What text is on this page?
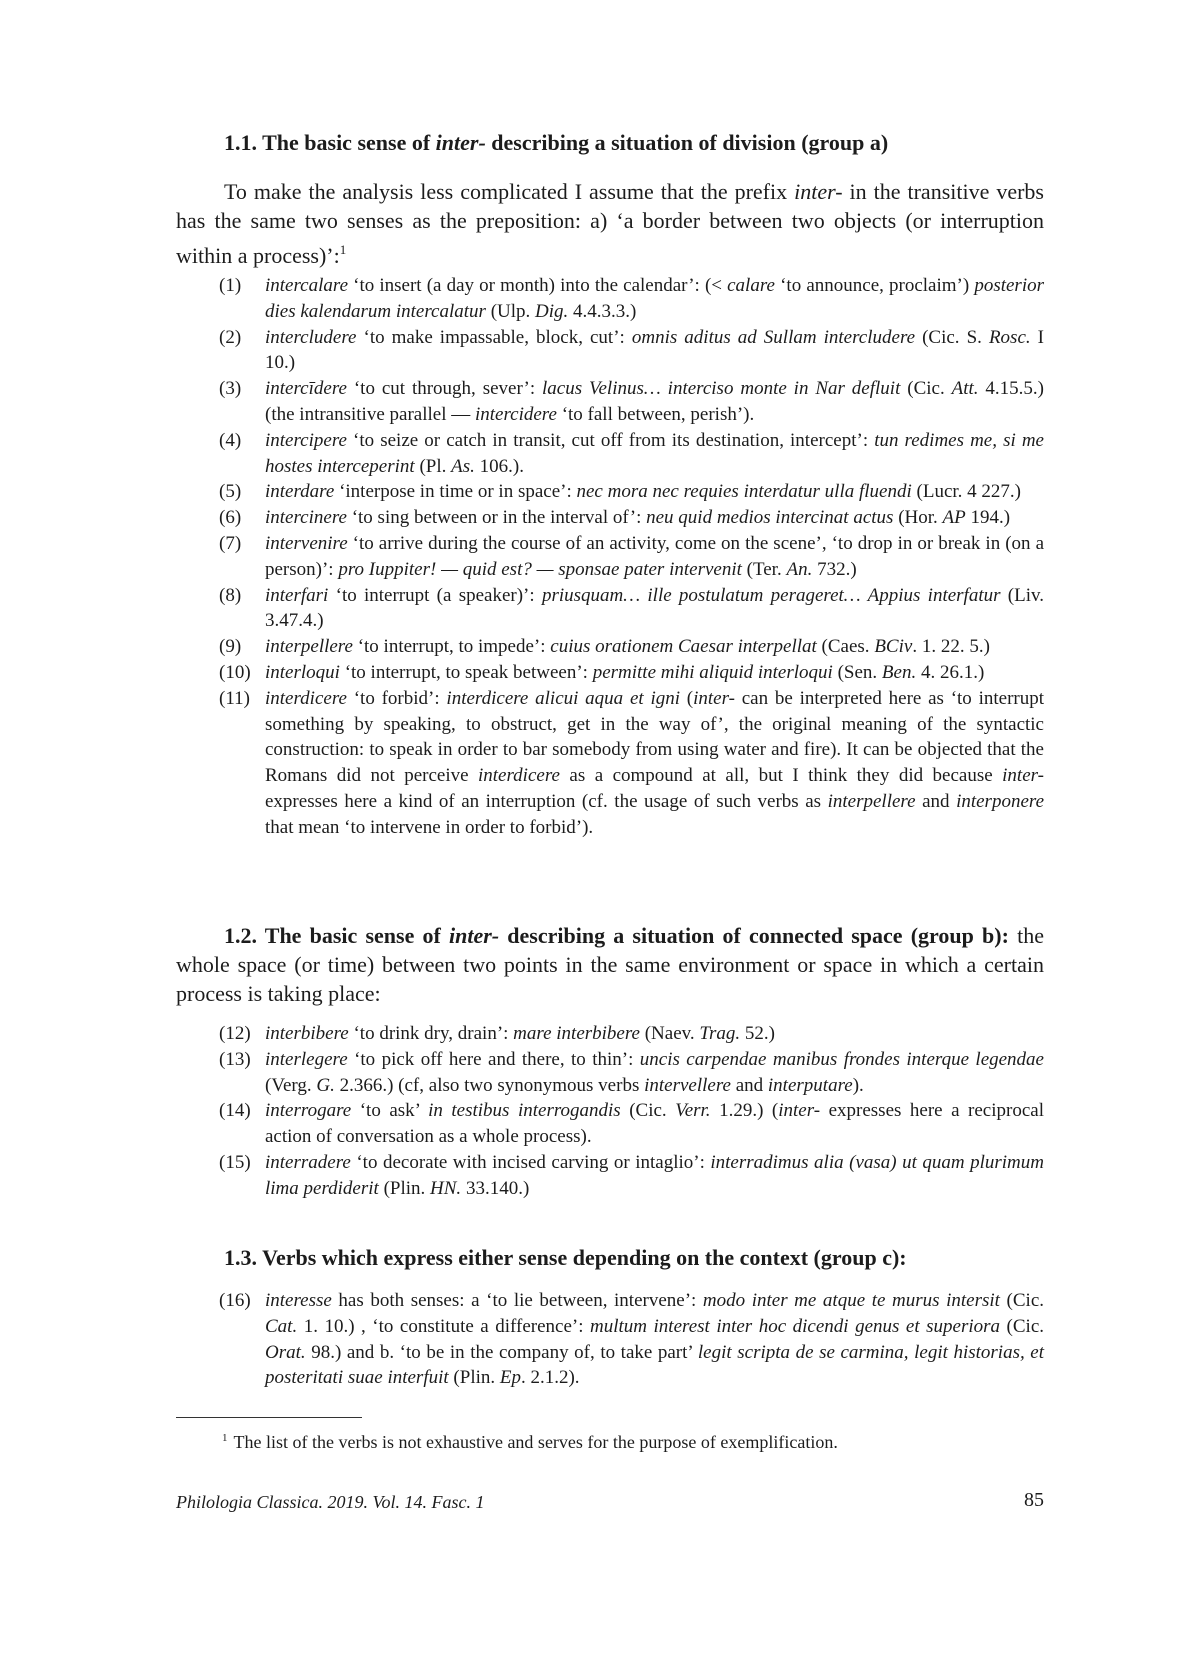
1.1. The basic sense of inter- describing a situation of division (group a)

To make the analysis less complicated I assume that the prefix inter- in the transitive verbs has the same two senses as the preposition: a) ‘a border between two objects (or interruption within a process)’:$^1$

(1) intercalare ‘to insert (a day or month) into the calendar’: (< calare ‘to announce, proclaim’) posterior dies kalendarum intercalatur (Ulp. Dig. 4.4.3.3.)
(2) intercludere ‘to make impassable, block, cut’: omnis aditus ad Sullam intercludere (Cic. S. Rosc. I 10.)
(3) intercīdere ‘to cut through, sever’: lacus Velinus… interciso monte in Nar defluit (Cic. Att. 4.15.5.) (the intransitive parallel — intercidere ‘to fall between, perish’).
(4) intercipere ‘to seize or catch in transit, cut off from its destination, intercept’: tun redimes me, si me hostes interceperint (Pl. As. 106.).
(5) interdare ‘interpose in time or in space’: nec mora nec requies interdatur ulla fluendi (Lucr. 4 227.)
(6) intercinere ‘to sing between or in the interval of’: neu quid medios intercinat actus (Hor. AP 194.)
(7) intervenire ‘to arrive during the course of an activity, come on the scene’, ‘to drop in or break in (on a person)’: pro Iuppiter! — quid est? — sponsae pater intervenit (Ter. An. 732.)
(8) interfari ‘to interrupt (a speaker)’: priusquam… ille postulatum perageret… Appius interfatur (Liv. 3.47.4.)
(9) interpellere ‘to interrupt, to impede’: cuius orationem Caesar interpellat (Caes. BCiv. 1. 22. 5.)
(10) interloqui ‘to interrupt, to speak between’: permitte mihi aliquid interloqui (Sen. Ben. 4. 26.1.)
(11) interdicere ‘to forbid’: interdicere alicui aqua et igni (inter- can be interpreted here as ‘to interrupt something by speaking, to obstruct, get in the way of’, the original meaning of the syntactic construction: to speak in order to bar somebody from using water and fire). It can be objected that the Romans did not perceive interdicere as a compound at all, but I think they did because inter- expresses here a kind of an interruption (cf. the usage of such verbs as interpellere and interponere that mean ‘to intervene in order to forbid’).

1.2. The basic sense of inter- describing a situation of connected space (group b): the whole space (or time) between two points in the same environment or space in which a certain process is taking place:

(12) interbibere ‘to drink dry, drain’: mare interbibere (Naev. Trag. 52.)
(13) interlegere ‘to pick off here and there, to thin’: uncis carpendae manibus frondes interque legendae (Verg. G. 2.366.) (cf, also two synonymous verbs intervellere and interputare).
(14) interrogare ‘to ask’ in testibus interrogandis (Cic. Verr. 1.29.) (inter- expresses here a reciprocal action of conversation as a whole process).
(15) interradere ‘to decorate with incised carving or intaglio’: interradimus alia (vasa) ut quam plurimum lima perdiderit (Plin. HN. 33.140.)
1.3. Verbs which express either sense depending on the context (group c):
(16) interesse has both senses: a ‘to lie between, intervene’: modo inter me atque te murus intersit (Cic. Cat. 1. 10.) , ‘to constitute a difference’: multum interest inter hoc dicendi genus et superiora (Cic. Orat. 98.) and b. ‘to be in the company of, to take part’ legit scripta de se carmina, legit historias, et posteritati suae interfuit (Plin. Ep. 2.1.2).
$^1$ The list of the verbs is not exhaustive and serves for the purpose of exemplification.
Philologia Classica. 2019. Vol. 14. Fasc. 1	85
